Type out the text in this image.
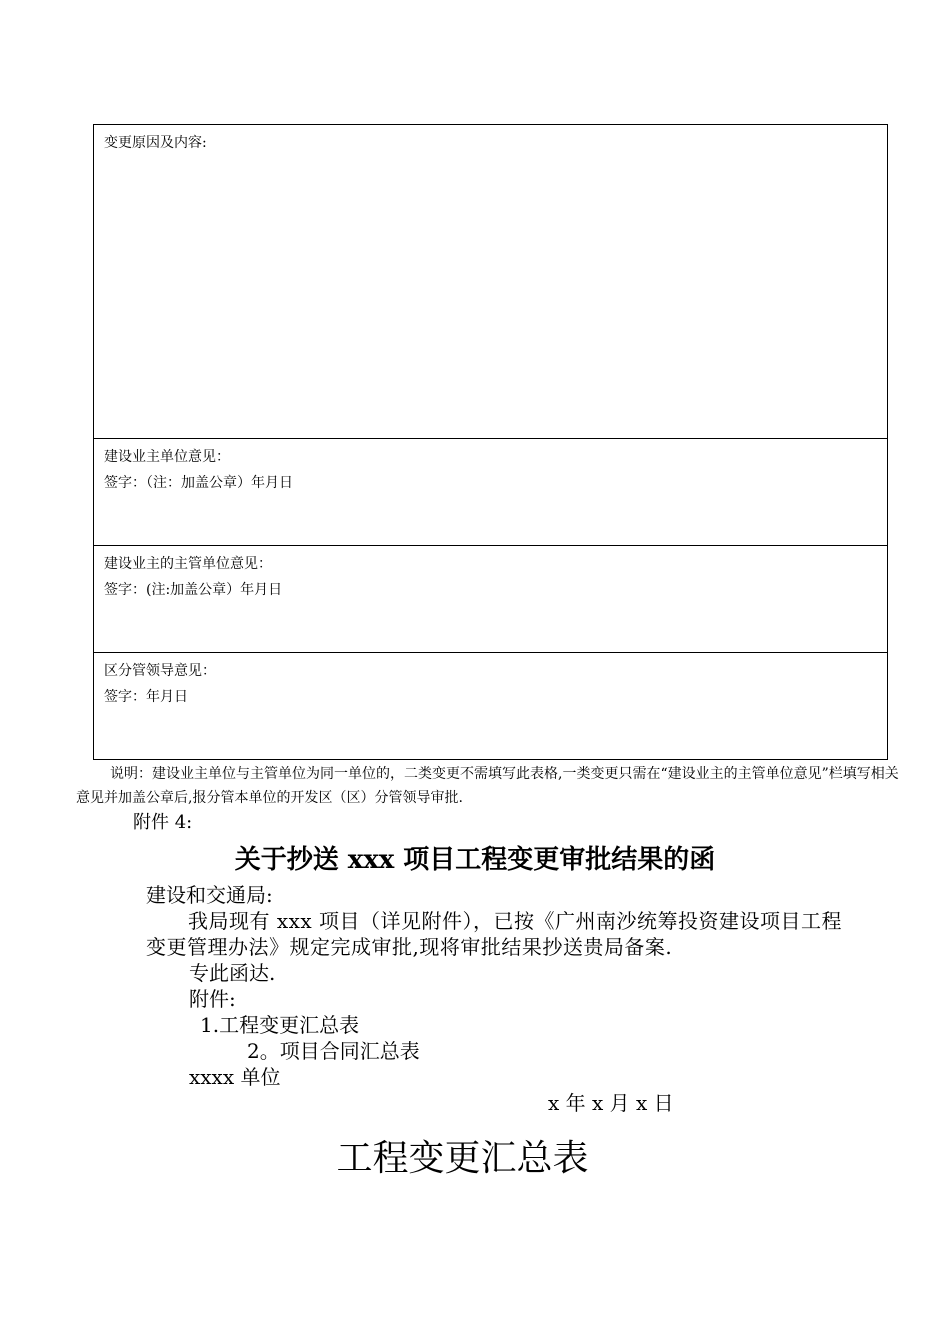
变更原因及内容:
建设业主单位意见：
签字：（注：加盖公章）年月日
建设业主的主管单位意见：
签字：(注:加盖公章）年月日
区分管领导意见：
签字：年月日
说明：建设业主单位与主管单位为同一单位的，二类变更不需填写此表格,一类变更只需在“建设业主的主管单位意见”栏填写相关意见并加盖公章后,报分管本单位的开发区（区）分管领导审批.
附件 4:
关于抄送 xxx 项目工程变更审批结果的函
建设和交通局:
我局现有 xxx 项目（详见附件），已按《广州南沙统筹投资建设项目工程变更管理办法》规定完成审批,现将审批结果抄送贵局备案.
专此函达.
附件:
1.工程变更汇总表
2。项目合同汇总表
xxxx 单位
x 年 x 月 x 日
工程变更汇总表
